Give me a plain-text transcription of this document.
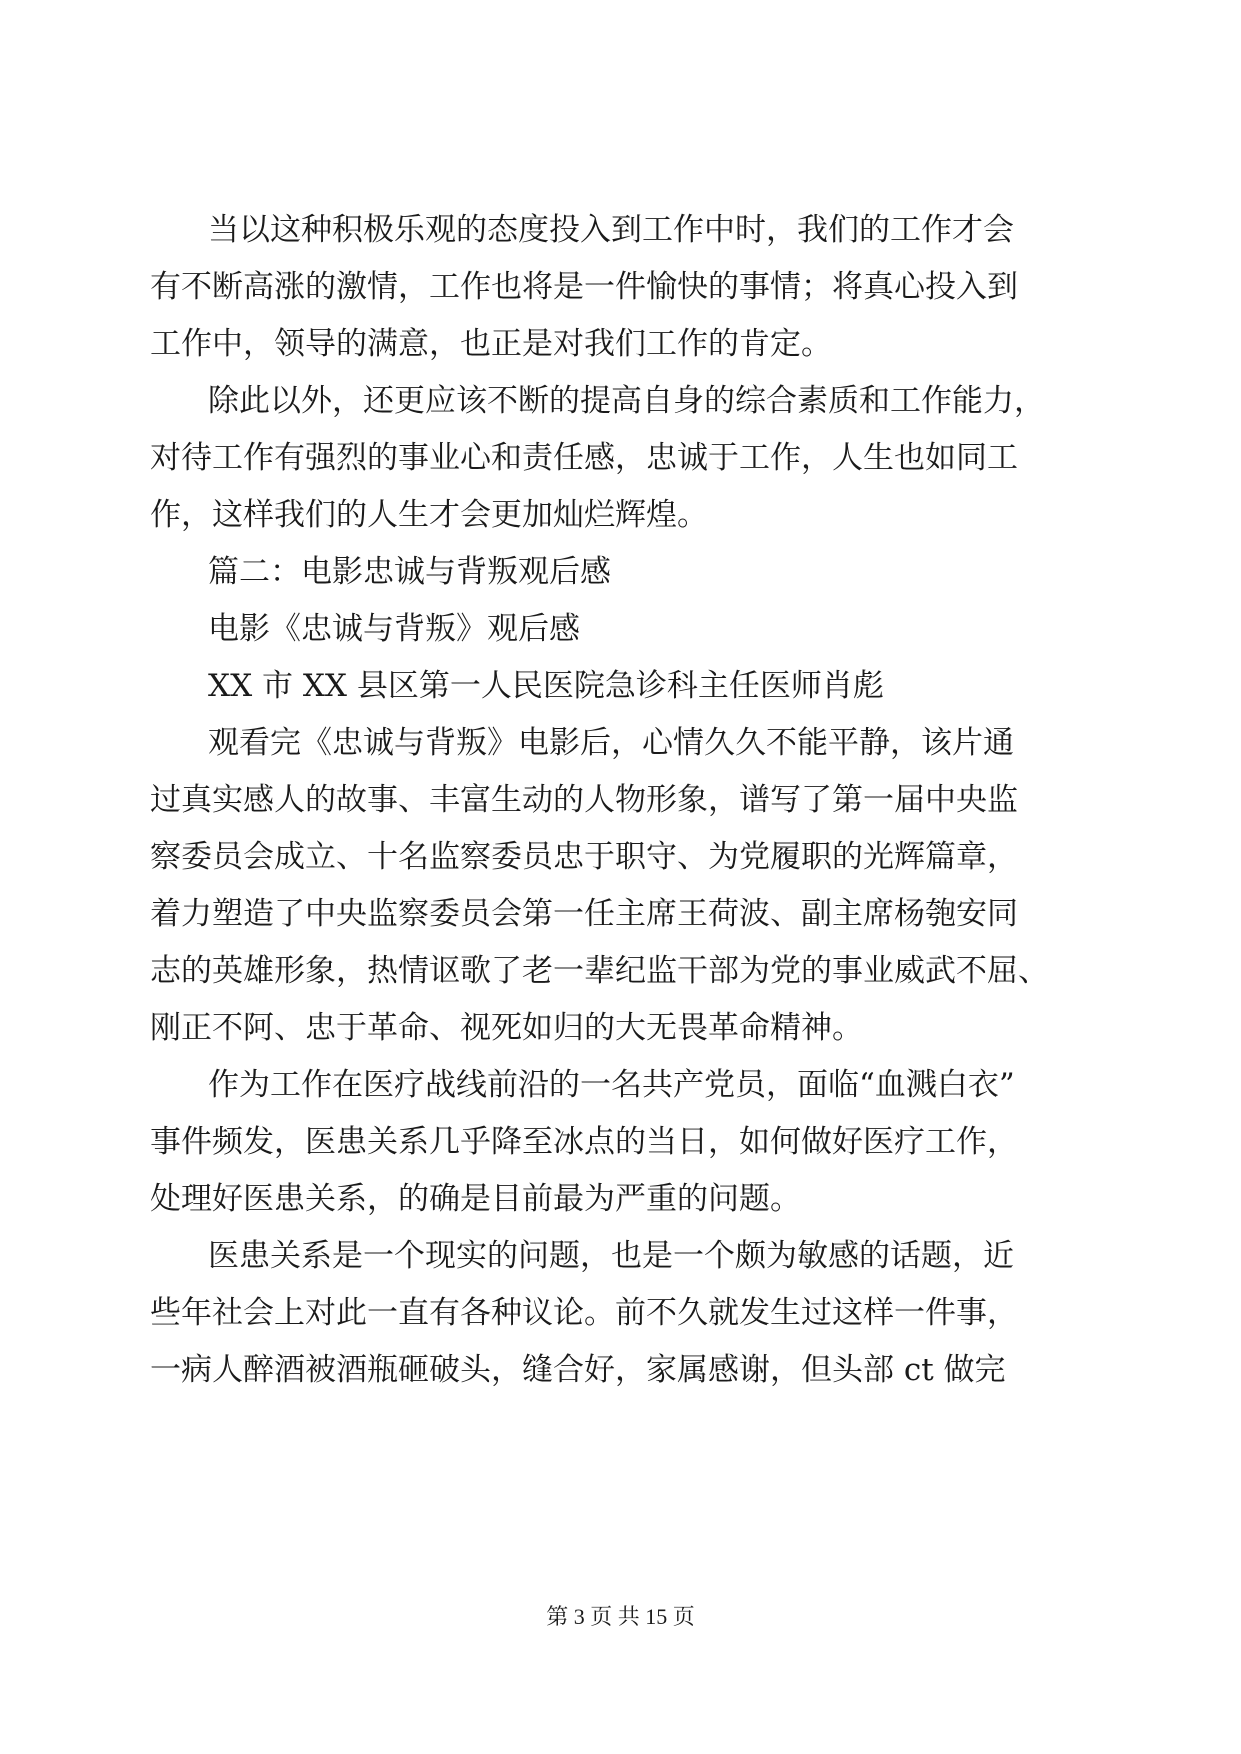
当以这种积极乐观的态度投入到工作中时，我们的工作才会
有不断高涨的激情，工作也将是一件愉快的事情；将真心投入到
工作中，领导的满意，也正是对我们工作的肯定。
除此以外，还更应该不断的提高自身的综合素质和工作能力，
对待工作有强烈的事业心和责任感，忠诚于工作，人生也如同工
作，这样我们的人生才会更加灿烂辉煌。
篇二：电影忠诚与背叛观后感
电影《忠诚与背叛》观后感
XX 市 XX 县区第一人民医院急诊科主任医师肖彪
观看完《忠诚与背叛》电影后，心情久久不能平静，该片通
过真实感人的故事、丰富生动的人物形象，谱写了第一届中央监
察委员会成立、十名监察委员忠于职守、为党履职的光辉篇章，
着力塑造了中央监察委员会第一任主席王荷波、副主席杨匏安同
志的英雄形象，热情讴歌了老一辈纪监干部为党的事业威武不屈、
刚正不阿、忠于革命、视死如归的大无畏革命精神。
作为工作在医疗战线前沿的一名共产党员，面临“血溅白衣”
事件频发，医患关系几乎降至冰点的当日，如何做好医疗工作，
处理好医患关系，的确是目前最为严重的问题。
医患关系是一个现实的问题，也是一个颇为敏感的话题，近
些年社会上对此一直有各种议论。前不久就发生过这样一件事，
一病人醉酒被酒瓶砸破头，缝合好，家属感谢，但头部 ct 做完
第 3 页 共 15 页
